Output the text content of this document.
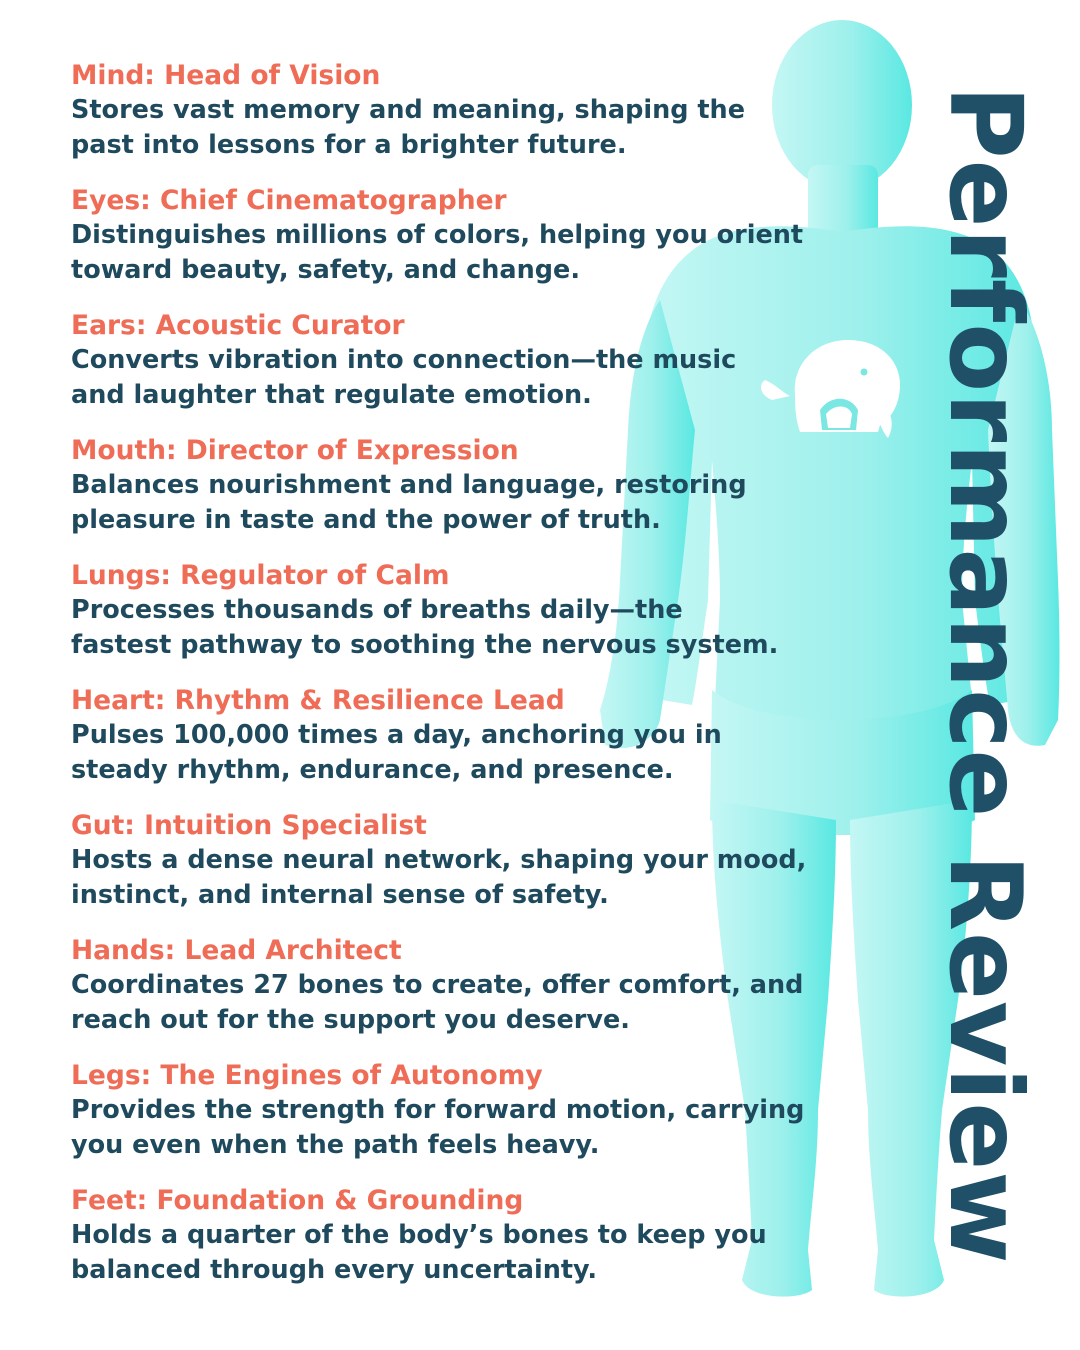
Performance Review
Mind: Head of Vision
Stores vast memory and meaning, shaping the
past into lessons for a brighter future.
Eyes: Chief Cinematographer
Distinguishes millions of colors, helping you orient
toward beauty, safety, and change.
Ears: Acoustic Curator
Converts vibration into connection—the music
and laughter that regulate emotion.
Mouth: Director of Expression
Balances nourishment and language, restoring
pleasure in taste and the power of truth.
Lungs: Regulator of Calm
Processes thousands of breaths daily—the
fastest pathway to soothing the nervous system.
Heart: Rhythm & Resilience Lead
Pulses 100,000 times a day, anchoring you in
steady rhythm, endurance, and presence.
Gut: Intuition Specialist
Hosts a dense neural network, shaping your mood,
instinct, and internal sense of safety.
Hands: Lead Architect
Coordinates 27 bones to create, offer comfort, and
reach out for the support you deserve.
Legs: The Engines of Autonomy
Provides the strength for forward motion, carrying
you even when the path feels heavy.
Feet: Foundation & Grounding
Holds a quarter of the body’s bones to keep you
balanced through every uncertainty.
